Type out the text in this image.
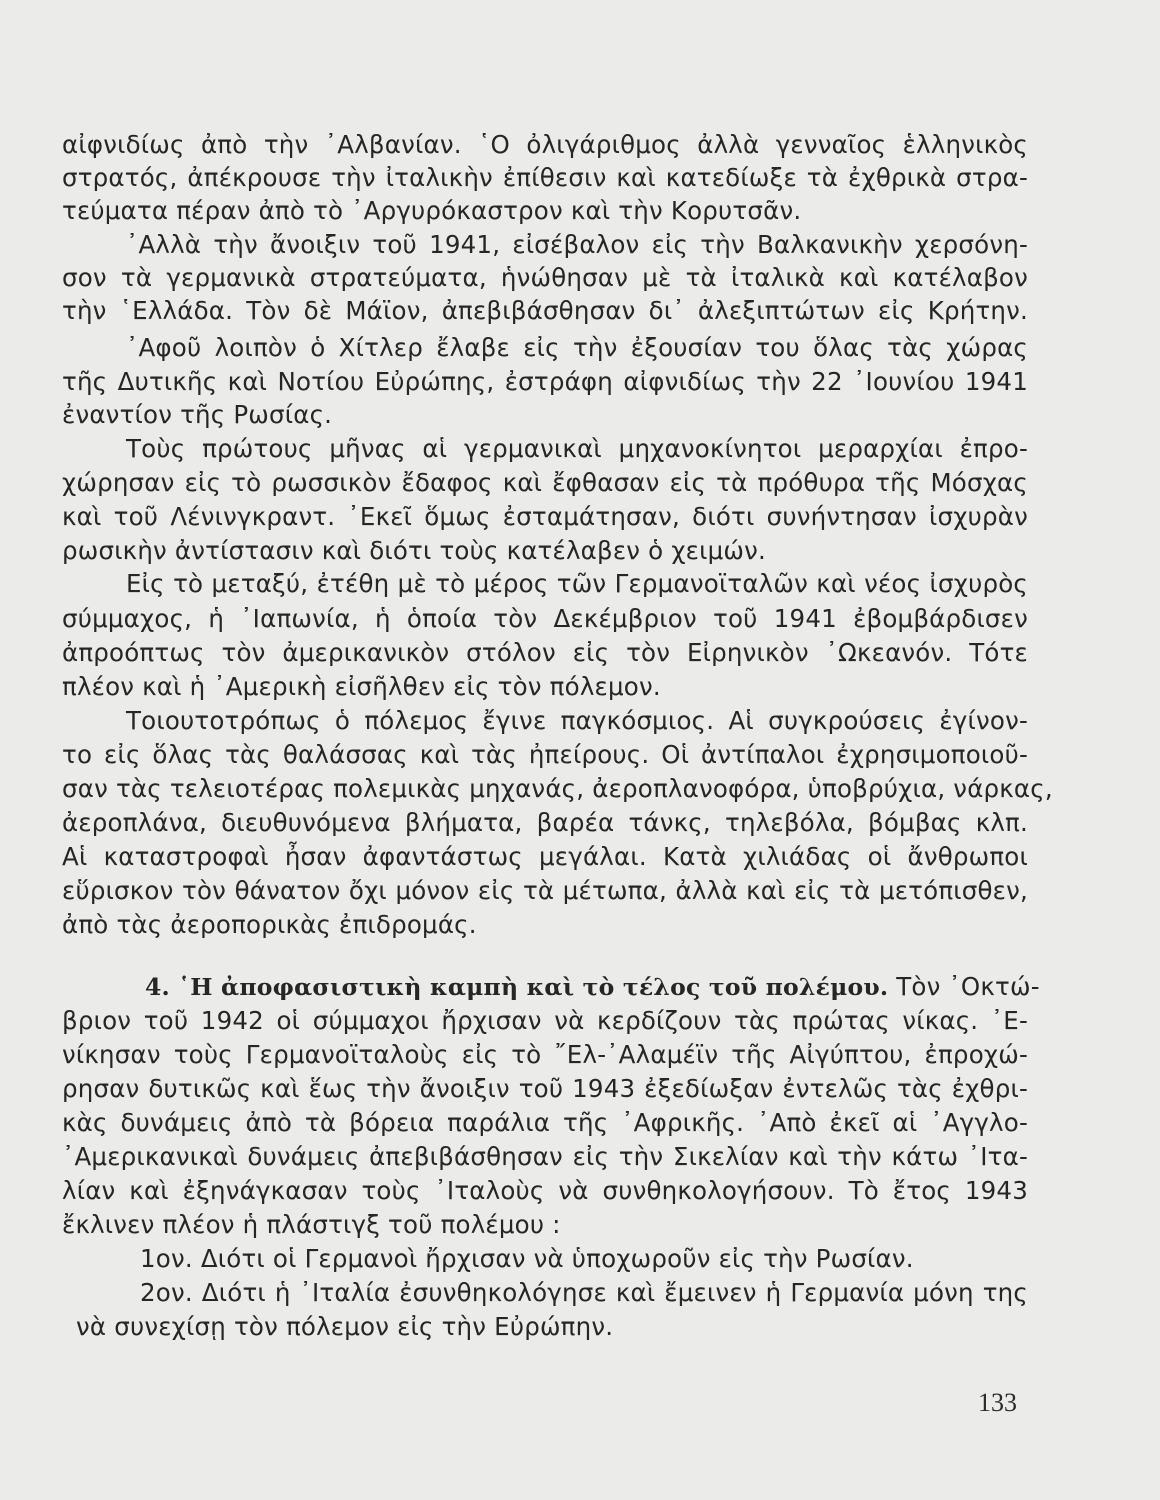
αἰφνιδίως ἀπὸ τὴν ᾿Αλβανίαν. ῾Ο ὀλιγάριθμος ἀλλὰ γενναῖος ἑλληνικὸς
στρατός, ἀπέκρουσε τὴν ἰταλικὴν ἐπίθεσιν καὶ κατεδίωξε τὰ ἐχθρικὰ στρα-
τεύματα πέραν ἀπὸ τὸ ᾿Αργυρόκαστρον καὶ τὴν Κορυτσᾶν.
᾿Αλλὰ τὴν ἄνοιξιν τοῦ 1941, εἰσέβαλον εἰς τὴν Βαλκανικὴν χερσόνη-
σον τὰ γερμανικὰ στρατεύματα, ἡνώθησαν μὲ τὰ ἰταλικὰ καὶ κατέλαβον
τὴν ῾Ελλάδα. Τὸν δὲ Μάϊον, ἀπεβιβάσθησαν δι᾿ ἀλεξιπτώτων εἰς Κρήτην.
᾿Αφοῦ λοιπὸν ὁ Χίτλερ ἔλαβε εἰς τὴν ἐξουσίαν του ὅλας τὰς χώρας
τῆς Δυτικῆς καὶ Νοτίου Εὐρώπης, ἐστράφη αἰφνιδίως τὴν 22 ᾿Ιουνίου 1941
ἐναντίον τῆς Ρωσίας.
Τοὺς πρώτους μῆνας αἱ γερμανικαὶ μηχανοκίνητοι μεραρχίαι ἐπρο-
χώρησαν εἰς τὸ ρωσσικὸν ἔδαφος καὶ ἔφθασαν εἰς τὰ πρόθυρα τῆς Μόσχας
καὶ τοῦ Λένινγκραντ. ᾿Εκεῖ ὅμως ἐσταμάτησαν, διότι συνήντησαν ἰσχυρὰν
ρωσικὴν ἀντίστασιν καὶ διότι τοὺς κατέλαβεν ὁ χειμών.
Εἰς τὸ μεταξύ, ἐτέθη μὲ τὸ μέρος τῶν Γερμανοϊταλῶν καὶ νέος ἰσχυρὸς
σύμμαχος, ἡ ᾿Ιαπωνία, ἡ ὁποία τὸν Δεκέμβριον τοῦ 1941 ἐβομβάρδισεν
ἀπροόπτως τὸν ἀμερικανικὸν στόλον εἰς τὸν Εἰρηνικὸν ᾿Ωκεανόν. Τότε
πλέον καὶ ἡ ᾿Αμερικὴ εἰσῆλθεν εἰς τὸν πόλεμον.
Τοιουτοτρόπως ὁ πόλεμος ἔγινε παγκόσμιος. Αἱ συγκρούσεις ἐγίνον-
το εἰς ὅλας τὰς θαλάσσας καὶ τὰς ἠπείρους. Οἱ ἀντίπαλοι ἐχρησιμοποιοῦ-
σαν τὰς τελειοτέρας πολεμικὰς μηχανάς, ἀεροπλανοφόρα, ὑποβρύχια, νάρκας,
ἀεροπλάνα, διευθυνόμενα βλήματα, βαρέα τάνκς, τηλεβόλα, βόμβας κλπ.
Αἱ καταστροφαὶ ἦσαν ἀφαντάστως μεγάλαι. Κατὰ χιλιάδας οἱ ἄνθρωποι
εὕρισκον τὸν θάνατον ὄχι μόνον εἰς τὰ μέτωπα, ἀλλὰ καὶ εἰς τὰ μετόπισθεν,
ἀπὸ τὰς ἀεροπορικὰς ἐπιδρομάς.
4. ῾Η ἀποφασιστικὴ καμπὴ καὶ τὸ τέλος τοῦ πολέμου. Τὸν ᾿Οκτώ-
βριον τοῦ 1942 οἱ σύμμαχοι ἤρχισαν νὰ κερδίζουν τὰς πρώτας νίκας. ᾿Ε-
νίκησαν τοὺς Γερμανοϊταλοὺς εἰς τὸ ῎Ελ-᾿Αλαμέϊν τῆς Αἰγύπτου, ἐπροχώ-
ρησαν δυτικῶς καὶ ἕως τὴν ἄνοιξιν τοῦ 1943 ἐξεδίωξαν ἐντελῶς τὰς ἐχθρι-
κὰς δυνάμεις ἀπὸ τὰ βόρεια παράλια τῆς ᾿Αφρικῆς. ᾿Απὸ ἐκεῖ αἱ ᾿Αγγλο-
᾿Αμερικανικαὶ δυνάμεις ἀπεβιβάσθησαν εἰς τὴν Σικελίαν καὶ τὴν κάτω ᾿Ιτα-
λίαν καὶ ἐξηνάγκασαν τοὺς ᾿Ιταλοὺς νὰ συνθηκολογήσουν. Τὸ ἔτος 1943
ἔκλινεν πλέον ἡ πλάστιγξ τοῦ πολέμου :
1ον. Διότι οἱ Γερμανοὶ ἤρχισαν νὰ ὑποχωροῦν εἰς τὴν Ρωσίαν.
2ον. Διότι ἡ ᾿Ιταλία ἐσυνθηκολόγησε καὶ ἔμεινεν ἡ Γερμανία μόνη της
νὰ συνεχίσῃ τὸν πόλεμον εἰς τὴν Εὐρώπην.
133
